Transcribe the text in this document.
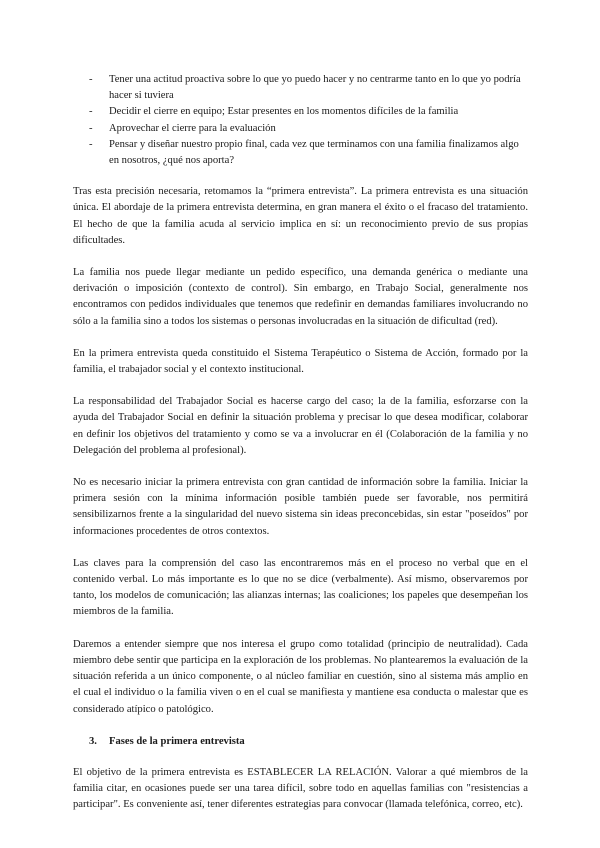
- Tener una actitud proactiva sobre lo que yo puedo hacer y no centrarme tanto en lo que yo podría hacer si tuviera
- Decidir el cierre en equipo; Estar presentes en los momentos difíciles de la familia
- Aprovechar el cierre para la evaluación
- Pensar y diseñar nuestro propio final, cada vez que terminamos con una familia finalizamos algo en nosotros, ¿qué nos aporta?

Tras esta precisión necesaria, retomamos la “primera entrevista”. La primera entrevista es una situación única. El abordaje de la primera entrevista determina, en gran manera el éxito o el fracaso del tratamiento. El hecho de que la familia acuda al servicio implica en sí: un reconocimiento previo de sus propias dificultades.

La familia nos puede llegar mediante un pedido específico, una demanda genérica o mediante una derivación o imposición (contexto de control). Sin embargo, en Trabajo Social, generalmente nos encontramos con pedidos individuales que tenemos que redefinir en demandas familiares involucrando no sólo a la familia sino a todos los sistemas o personas involucradas en la situación de dificultad (red).

En la primera entrevista queda constituido el Sistema Terapéutico o Sistema de Acción, formado por la familia, el trabajador social y el contexto institucional.

La responsabilidad del Trabajador Social es hacerse cargo del caso; la de la familia, esforzarse con la ayuda del Trabajador Social en definir la situación problema y precisar lo que desea modificar, colaborar en definir los objetivos del tratamiento y como se va a involucrar en él (Colaboración de la familia y no Delegación del problema al profesional).

No es necesario iniciar la primera entrevista con gran cantidad de información sobre la familia. Iniciar la primera sesión con la mínima información posible también puede ser favorable, nos permitirá sensibilizarnos frente a la singularidad del nuevo sistema sin ideas preconcebidas, sin estar "poseídos" por informaciones procedentes de otros contextos.

Las claves para la comprensión del caso las encontraremos más en el proceso no verbal que en el contenido verbal. Lo más importante es lo que no se dice (verbalmente). Así mismo, observaremos por tanto, los modelos de comunicación; las alianzas internas; las coaliciones; los papeles que desempeñan los miembros de la familia.

Daremos a entender siempre que nos interesa el grupo como totalidad (principio de neutralidad). Cada miembro debe sentir que participa en la exploración de los problemas. No plantearemos la evaluación de la situación referida a un único componente, o al núcleo familiar en cuestión, sino al sistema más amplio en el cual el individuo o la familia viven o en el cual se manifiesta y mantiene esa conducta o malestar que es considerado atípico o patológico.

3. Fases de la primera entrevista

El objetivo de la primera entrevista es ESTABLECER LA RELACIÓN. Valorar a qué miembros de la familia citar, en ocasiones puede ser una tarea difícil, sobre todo en aquellas familias con "resistencias a participar". Es conveniente así, tener diferentes estrategias para convocar (llamada telefónica, correo, etc).
